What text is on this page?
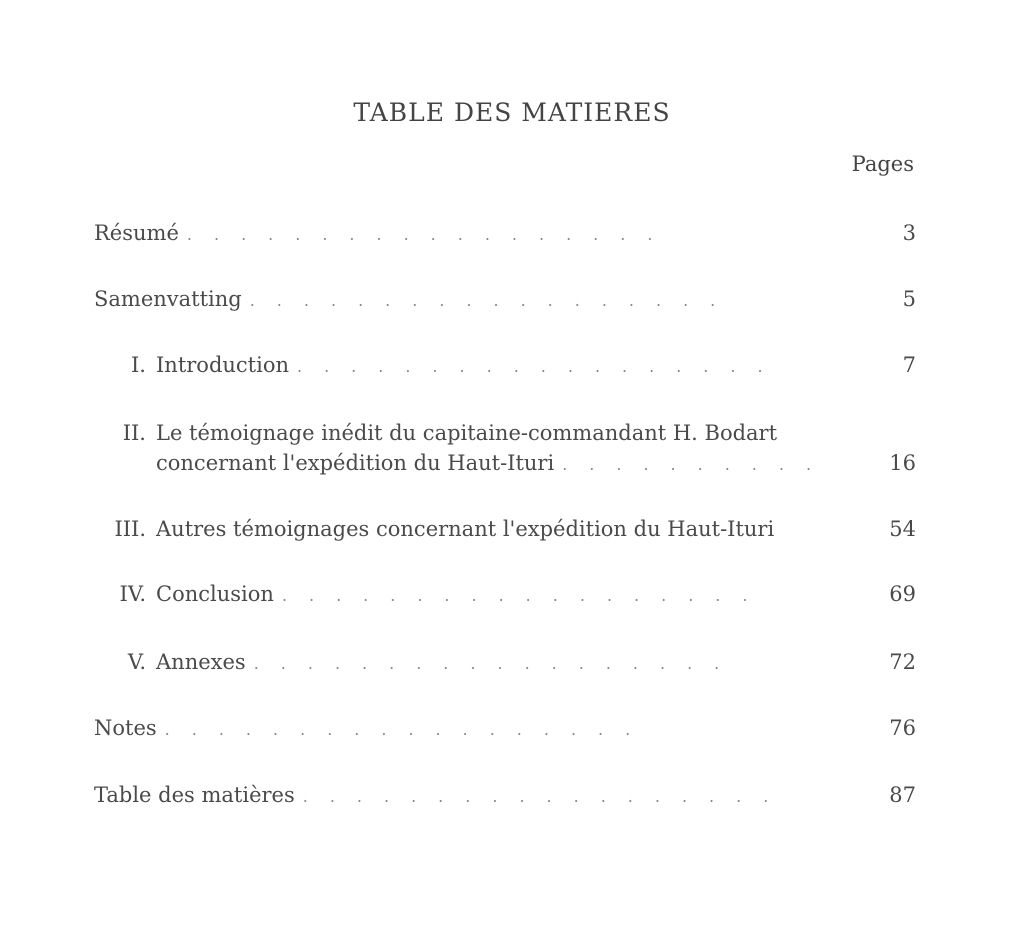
TABLE DES MATIERES
Pages
Résumé ..................	3
Samenvatting ..................	5
I. Introduction ..................	7
II. Le témoignage inédit du capitaine-commandant H. Bodart
concernant l'expédition du Haut-Ituri ..........	16
III. Autres témoignages concernant l'expédition du Haut-Ituri	54
IV. Conclusion ..................	69
V. Annexes ..................	72
Notes ..................	76
Table des matières ..................	87
